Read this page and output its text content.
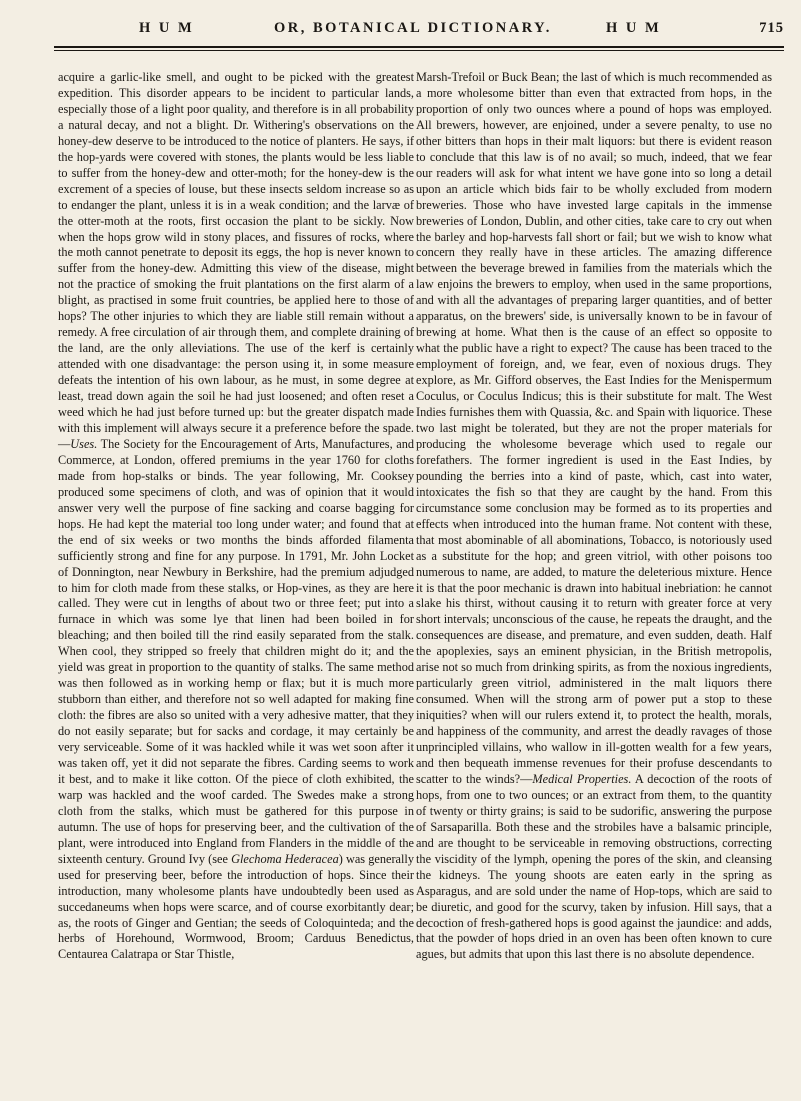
H U M	OR, BOTANICAL DICTIONARY.	H U M	715

acquire a garlic-like smell, and ought to be picked with the greatest expedition. This disorder appears to be incident to particular lands, especially those of a light poor quality, and therefore is in all probability a natural decay, and not a blight. Dr. Withering's observations on the honey-dew deserve to be introduced to the notice of planters. He says, if the hop-yards were covered with stones, the plants would be less liable to suffer from the honey-dew and otter-moth; for the honey-dew is the excrement of a species of louse, but these insects seldom increase so as to endanger the plant, unless it is in a weak condition; and the larvæ of the otter-moth at the roots, first occasion the plant to be sickly. Now when the hops grow wild in stony places, and fissures of rocks, where the moth cannot penetrate to deposit its eggs, the hop is never known to suffer from the honey-dew. Admitting this view of the disease, might not the practice of smoking the fruit plantations on the first alarm of a blight, as practised in some fruit countries, be applied here to those of hops? The other injuries to which they are liable still remain without a remedy. A free circulation of air through them, and complete draining of the land, are the only alleviations. The use of the kerf is certainly attended with one disadvantage: the person using it, in some measure defeats the intention of his own labour, as he must, in some degree at least, tread down again the soil he had just loosened; and often reset a weed which he had just before turned up: but the greater dispatch made with this implement will always secure it a preference before the spade.—Uses. The Society for the Encouragement of Arts, Manufactures, and Commerce, at London, offered premiums in the year 1760 for cloths made from hop-stalks or binds. The year following, Mr. Cooksey produced some specimens of cloth, and was of opinion that it would answer very well the purpose of fine sacking and coarse bagging for hops. He had kept the material too long under water; and found that at the end of six weeks or two months the binds afforded filamenta sufficiently strong and fine for any purpose. In 1791, Mr. John Locket of Donnington, near Newbury in Berkshire, had the premium adjudged to him for cloth made from these stalks, or Hop-vines, as they are here called. They were cut in lengths of about two or three feet; put into a furnace in which was some lye that linen had been boiled in for bleaching; and then boiled till the rind easily separated from the stalk. When cool, they stripped so freely that children might do it; and the yield was great in proportion to the quantity of stalks. The same method was then followed as in working hemp or flax; but it is much more stubborn than either, and therefore not so well adapted for making fine cloth: the fibres are also so united with a very adhesive matter, that they do not easily separate; but for sacks and cordage, it may certainly be very serviceable. Some of it was hackled while it was wet soon after it was taken off, yet it did not separate the fibres. Carding seems to work it best, and to make it like cotton. Of the piece of cloth exhibited, the warp was hackled and the woof carded. The Swedes make a strong cloth from the stalks, which must be gathered for this purpose in autumn. The use of hops for preserving beer, and the cultivation of the plant, were introduced into England from Flanders in the middle of the sixteenth century. Ground Ivy (see Glechoma Hederacea) was generally used for preserving beer, before the introduction of hops. Since their introduction, many wholesome plants have undoubtedly been used as succedaneums when hops were scarce, and of course exorbitantly dear; as, the roots of Ginger and Gentian; the seeds of Coloquinteda; and the herbs of Horehound, Wormwood, Broom; Carduus Benedictus, Centaurea Calatrapa or Star Thistle,

Marsh-Trefoil or Buck Bean; the last of which is much recommended as a more wholesome bitter than even that extracted from hops, in the proportion of only two ounces where a pound of hops was employed. All brewers, however, are enjoined, under a severe penalty, to use no other bitters than hops in their malt liquors: but there is evident reason to conclude that this law is of no avail; so much, indeed, that we fear our readers will ask for what intent we have gone into so long a detail upon an article which bids fair to be wholly excluded from modern breweries. Those who have invested large capitals in the immense breweries of London, Dublin, and other cities, take care to cry out when the barley and hop-harvests fall short or fail; but we wish to know what concern they really have in these articles. The amazing difference between the beverage brewed in families from the materials which the law enjoins the brewers to employ, when used in the same proportions, and with all the advantages of preparing larger quantities, and of better apparatus, on the brewers' side, is universally known to be in favour of brewing at home. What then is the cause of an effect so opposite to what the public have a right to expect? The cause has been traced to the employment of foreign, and, we fear, even of noxious drugs. They explore, as Mr. Gifford observes, the East Indies for the Menispermum Coculus, or Coculus Indicus; this is their substitute for malt. The West Indies furnishes them with Quassia, &c. and Spain with liquorice. These two last might be tolerated, but they are not the proper materials for producing the wholesome beverage which used to regale our forefathers. The former ingredient is used in the East Indies, by pounding the berries into a kind of paste, which, cast into water, intoxicates the fish so that they are caught by the hand. From this circumstance some conclusion may be formed as to its properties and effects when introduced into the human frame. Not content with these, that most abominable of all abominations, Tobacco, is notoriously used as a substitute for the hop; and green vitriol, with other poisons too numerous to name, are added, to mature the deleterious mixture. Hence it is that the poor mechanic is drawn into habitual inebriation: he cannot slake his thirst, without causing it to return with greater force at very short intervals; unconscious of the cause, he repeats the draught, and the consequences are disease, and premature, and even sudden, death. Half the apoplexies, says an eminent physician, in the British metropolis, arise not so much from drinking spirits, as from the noxious ingredients, particularly green vitriol, administered in the malt liquors there consumed. When will the strong arm of power put a stop to these iniquities? when will our rulers extend it, to protect the health, morals, and happiness of the community, and arrest the deadly ravages of those unprincipled villains, who wallow in ill-gotten wealth for a few years, and then bequeath immense revenues for their profuse descendants to scatter to the winds?—Medical Properties. A decoction of the roots of hops, from one to two ounces; or an extract from them, to the quantity of twenty or thirty grains; is said to be sudorific, answering the purpose of Sarsaparilla. Both these and the strobiles have a balsamic principle, and are thought to be serviceable in removing obstructions, correcting the viscidity of the lymph, opening the pores of the skin, and cleansing the kidneys. The young shoots are eaten early in the spring as Asparagus, and are sold under the name of Hop-tops, which are said to be diuretic, and good for the scurvy, taken by infusion. Hill says, that a decoction of fresh-gathered hops is good against the jaundice: and adds, that the powder of hops dried in an oven has been often known to cure agues, but admits that upon this last there is no absolute dependence.
